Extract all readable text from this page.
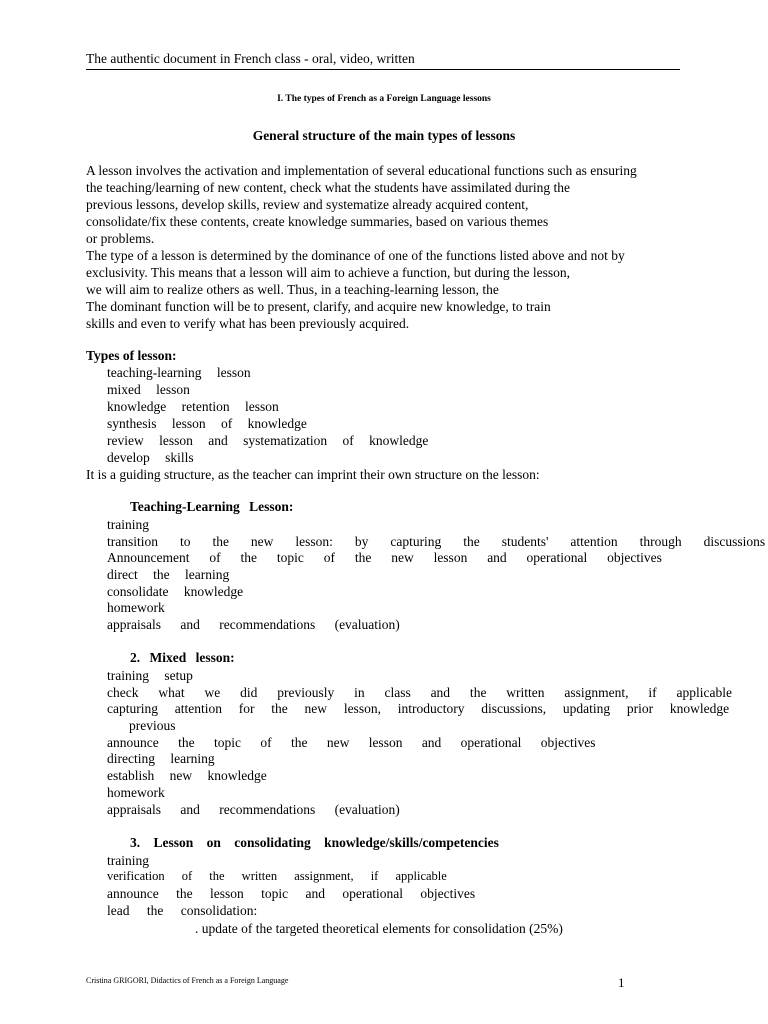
The authentic document in French class - oral, video, written
I. The types of French as a Foreign Language lessons
General structure of the main types of lessons
A lesson involves the activation and implementation of several educational functions such as ensuring
the teaching/learning of new content, check what the students have assimilated during the
previous lessons, develop skills, review and systematize already acquired content,
consolidate/fix these contents, create knowledge summaries, based on various themes
or problems.
The type of a lesson is determined by the dominance of one of the functions listed above and not by
exclusivity. This means that a lesson will aim to achieve a function, but during the lesson,
we will aim to realize others as well. Thus, in a teaching-learning lesson, the
The dominant function will be to present, clarify, and acquire new knowledge, to train
skills and even to verify what has been previously acquired.
Types of lesson:
teaching-learning lesson
mixed lesson
knowledge retention lesson
synthesis lesson of knowledge
review lesson and systematization of knowledge
develop skills
It is a guiding structure, as the teacher can imprint their own structure on the lesson:
Teaching-Learning Lesson:
training
transition to the new lesson: by capturing the students' attention through discussions
Announcement of the topic of the new lesson and operational objectives
direct the learning
consolidate knowledge
homework
appraisals and recommendations (evaluation)
2. Mixed lesson:
training setup
check what we did previously in class and the written assignment, if applicable
capturing attention for the new lesson, introductory discussions, updating prior knowledge
previous
announce the topic of the new lesson and operational objectives
directing learning
establish new knowledge
homework
appraisals and recommendations (evaluation)
3. Lesson on consolidating knowledge/skills/competencies
training
verification of the written assignment, if applicable
announce the lesson topic and operational objectives
lead the consolidation:
. update of the targeted theoretical elements for consolidation (25%)
Cristina GRIGORI, Didactics of French as a Foreign Language	1
